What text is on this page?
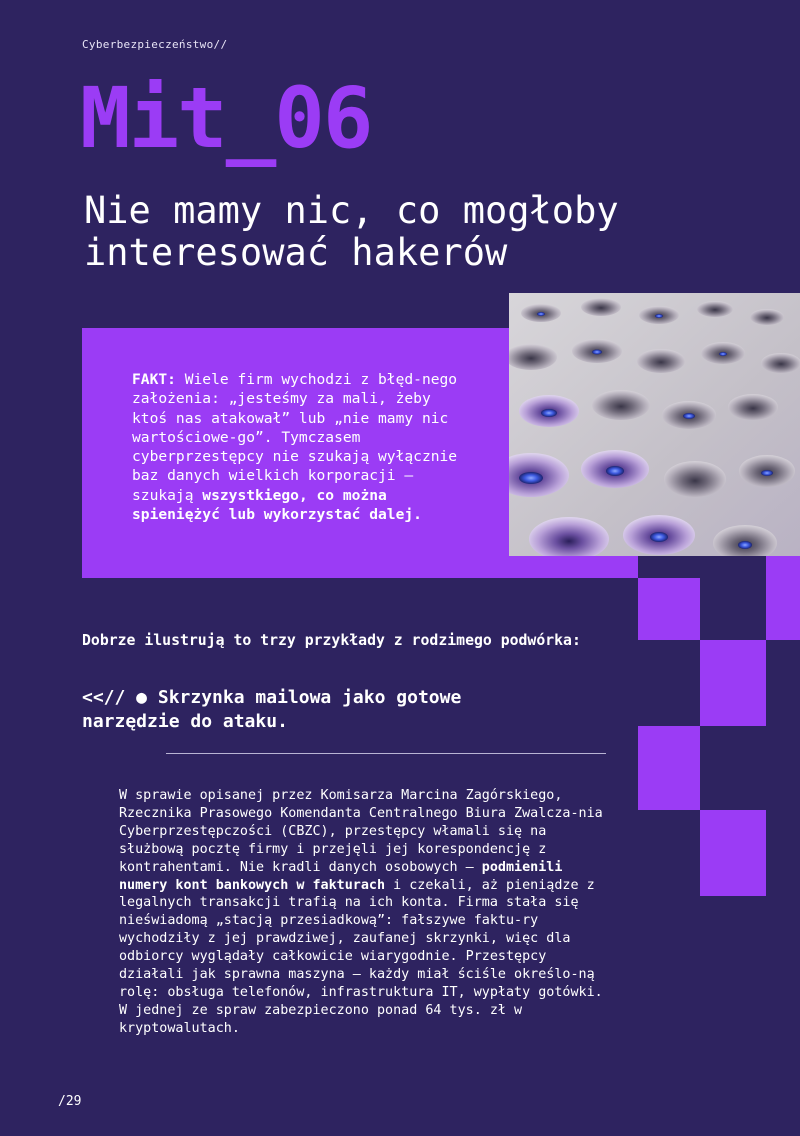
Cyberbezpieczeństwo//
Mit_06
Nie mamy nic, co mogłoby interesować hakerów
FAKT: Wiele firm wychodzi z błęd-nego założenia: „jesteśmy za mali, żeby ktoś nas atakował” lub „nie mamy nic wartościowe-go”. Tymczasem cyberprzestępcy nie szukają wyłącznie baz danych wielkich korporacji – szukają wszystkiego, co można spieniężyć lub wykorzystać dalej.
Dobrze ilustrują to trzy przykłady z rodzimego podwórka:
<<// ● Skrzynka mailowa jako gotowe narzędzie do ataku.
W sprawie opisanej przez Komisarza Marcina Zagórskiego, Rzecznika Prasowego Komendanta Centralnego Biura Zwalcza-nia Cyberprzestępczości (CBZC), przestępcy włamali się na służbową pocztę firmy i przejęli jej korespondencję z kontrahentami. Nie kradli danych osobowych – podmienili numery kont bankowych w fakturach i czekali, aż pieniądze z legalnych transakcji trafią na ich konta. Firma stała się nieświadomą „stacją przesiadkową”: fałszywe faktu-ry wychodziły z jej prawdziwej, zaufanej skrzynki, więc dla odbiorcy wyglądały całkowicie wiarygodnie. Przestępcy działali jak sprawna maszyna – każdy miał ściśle określo-ną rolę: obsługa telefonów, infrastruktura IT, wypłaty gotówki. W jednej ze spraw zabezpieczono ponad 64 tys. zł w kryptowalutach.
/29
